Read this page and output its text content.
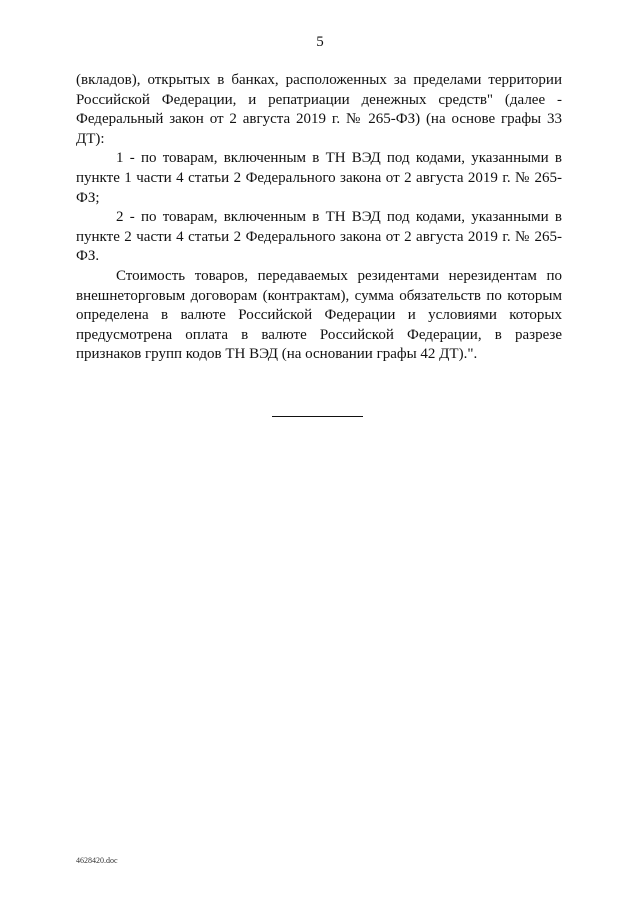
5

(вкладов), открытых в банках, расположенных за пределами территории Российской Федерации, и репатриации денежных средств" (далее - Федеральный закон от 2 августа 2019 г. № 265-ФЗ) (на основе графы 33 ДТ):

1 - по товарам, включенным в ТН ВЭД под кодами, указанными в пункте 1 части 4 статьи 2 Федерального закона от 2 августа 2019 г. № 265-ФЗ;

2 - по товарам, включенным в ТН ВЭД под кодами, указанными в пункте 2 части 4 статьи 2 Федерального закона от 2 августа 2019 г. № 265-ФЗ.

Стоимость товаров, передаваемых резидентами нерезидентам по внешнеторговым договорам (контрактам), сумма обязательств по которым определена в валюте Российской Федерации и условиями которых предусмотрена оплата в валюте Российской Федерации, в разрезе признаков групп кодов ТН ВЭД (на основании графы 42 ДТ).".

4628420.doc
